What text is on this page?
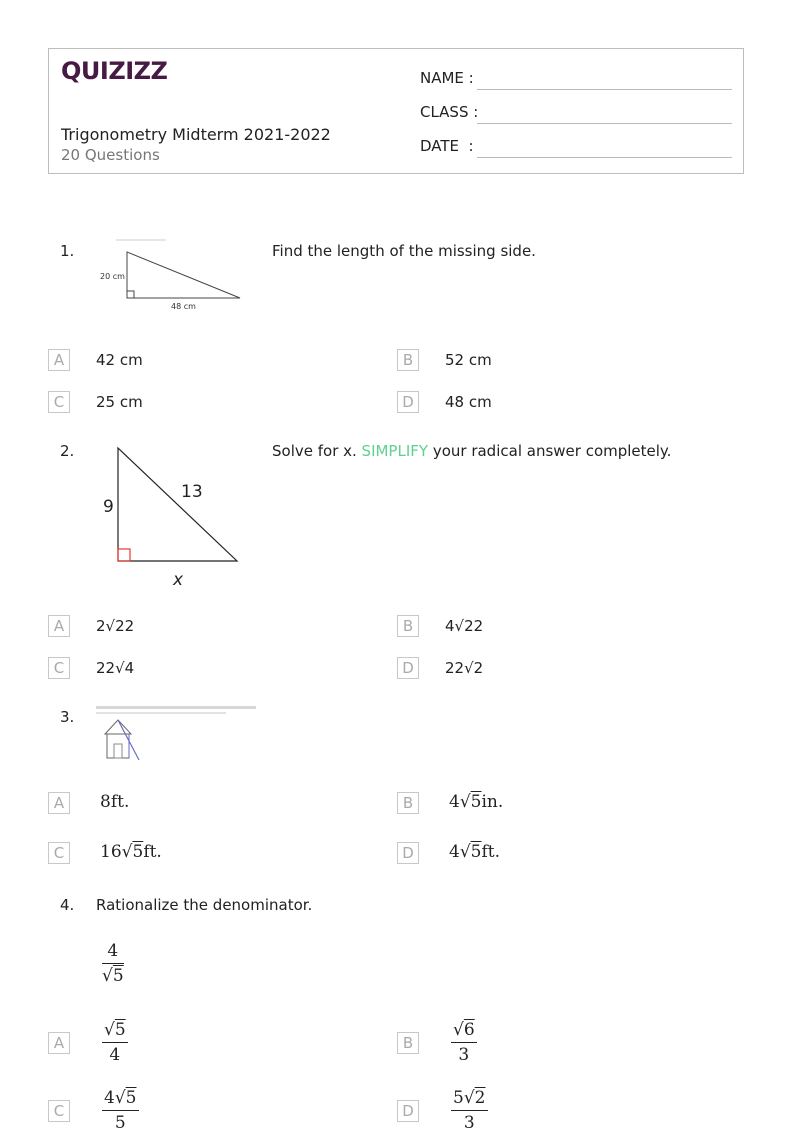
QUIZIZZ
Trigonometry Midterm 2021-2022
20 Questions
NAME :
CLASS :
DATE  :
1.
20 cm
48 cm
Find the length of the missing side.
A	42 cm	B	52 cm
C	25 cm	D	48 cm
2.
9
13
x
Solve for x. SIMPLIFY your radical answer completely.
A	2√22	B	4√22
C	22√4	D	22√2
3.
A	8ft.	B	4√5in.
C	16√5ft.	D	4√5ft.
4. Rationalize the denominator.
$\frac{4}{√5}$
A	$\frac{√5}{4}$	B	$\frac{√6}{3}$
C	$\frac{4√5}{5}$	D	$\frac{5√2}{3}$
